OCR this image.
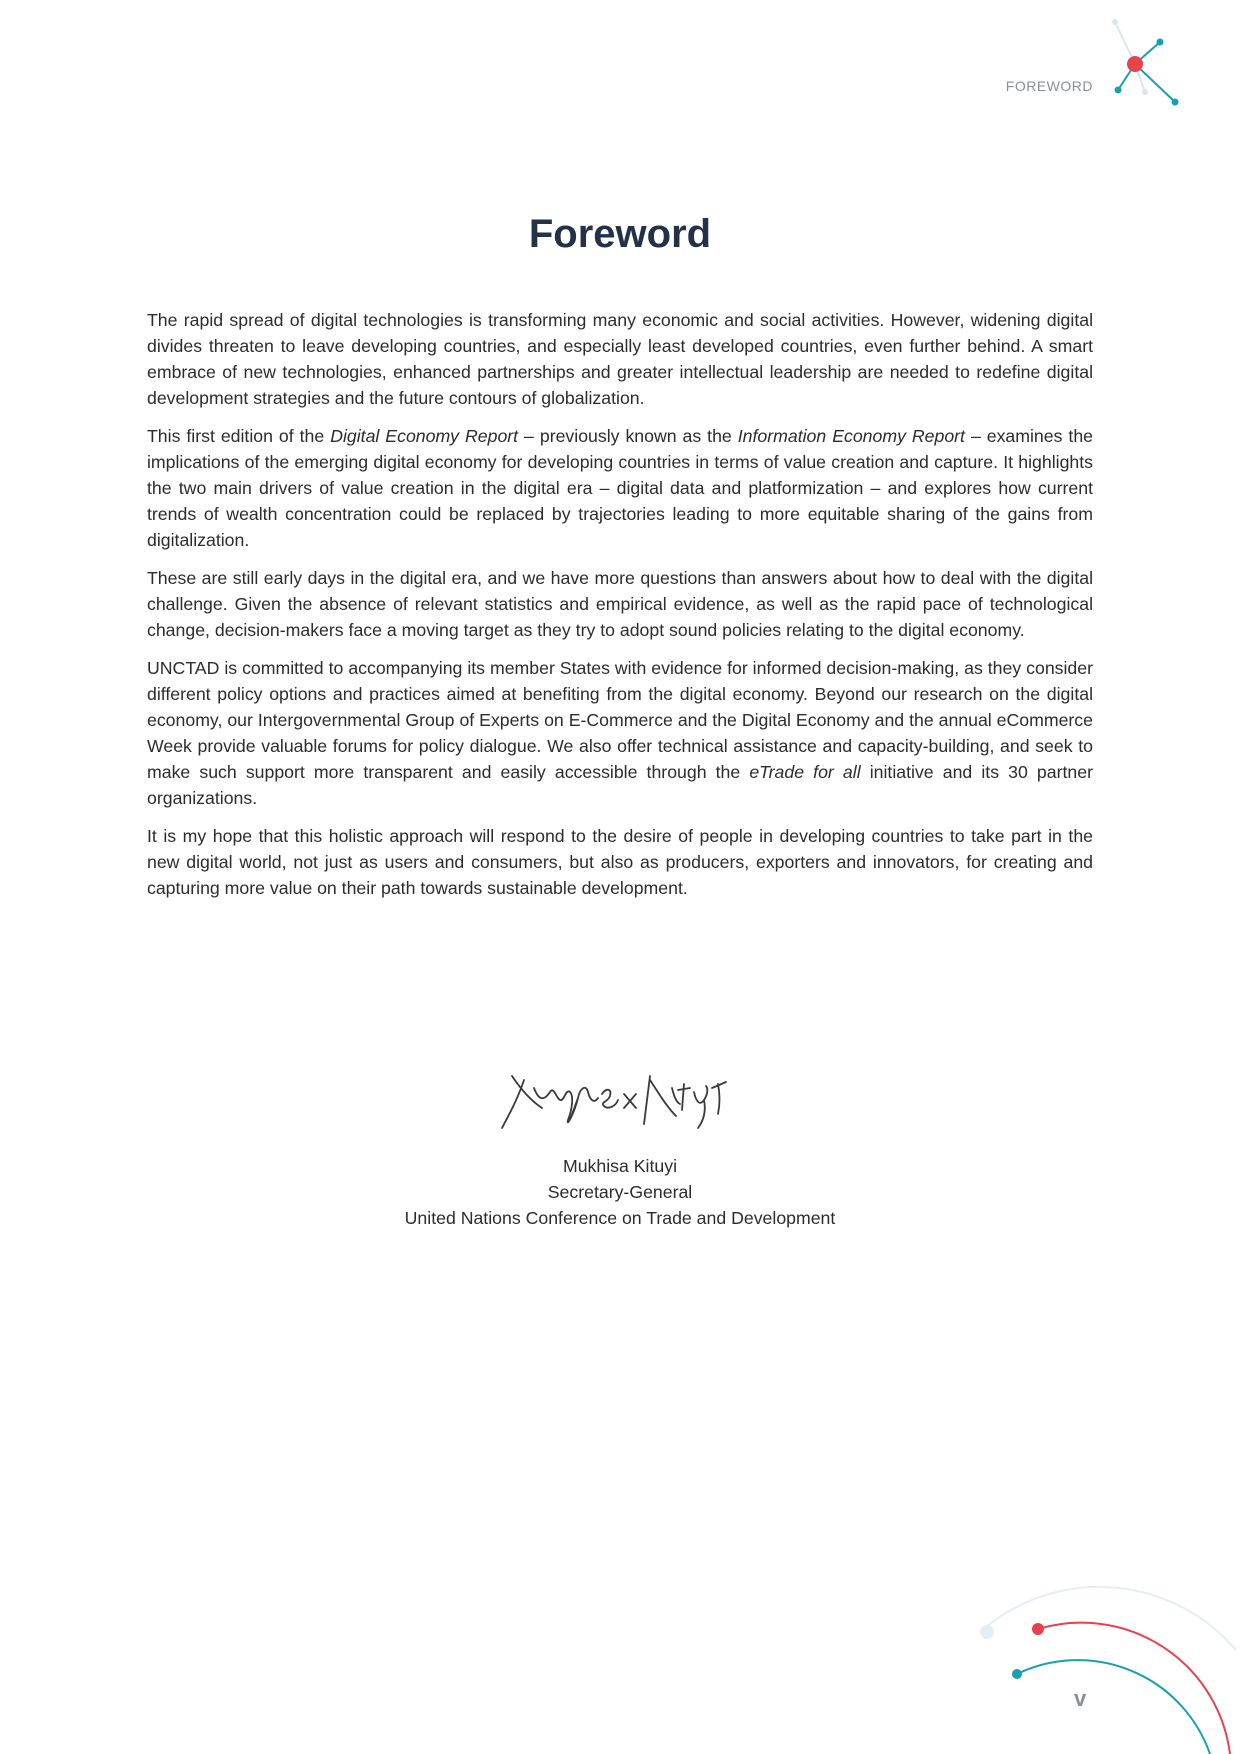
FOREWORD
Foreword

The rapid spread of digital technologies is transforming many economic and social activities. However, widening digital divides threaten to leave developing countries, and especially least developed countries, even further behind. A smart embrace of new technologies, enhanced partnerships and greater intellectual leadership are needed to redefine digital development strategies and the future contours of globalization.

This first edition of the Digital Economy Report – previously known as the Information Economy Report – examines the implications of the emerging digital economy for developing countries in terms of value creation and capture. It highlights the two main drivers of value creation in the digital era – digital data and platformization – and explores how current trends of wealth concentration could be replaced by trajectories leading to more equitable sharing of the gains from digitalization.

These are still early days in the digital era, and we have more questions than answers about how to deal with the digital challenge. Given the absence of relevant statistics and empirical evidence, as well as the rapid pace of technological change, decision-makers face a moving target as they try to adopt sound policies relating to the digital economy.

UNCTAD is committed to accompanying its member States with evidence for informed decision-making, as they consider different policy options and practices aimed at benefiting from the digital economy. Beyond our research on the digital economy, our Intergovernmental Group of Experts on E-Commerce and the Digital Economy and the annual eCommerce Week provide valuable forums for policy dialogue. We also offer technical assistance and capacity-building, and seek to make such support more transparent and easily accessible through the eTrade for all initiative and its 30 partner organizations.

It is my hope that this holistic approach will respond to the desire of people in developing countries to take part in the new digital world, not just as users and consumers, but also as producers, exporters and innovators, for creating and capturing more value on their path towards sustainable development.

Mukhisa Kituyi
Secretary-General
United Nations Conference on Trade and Development
v
